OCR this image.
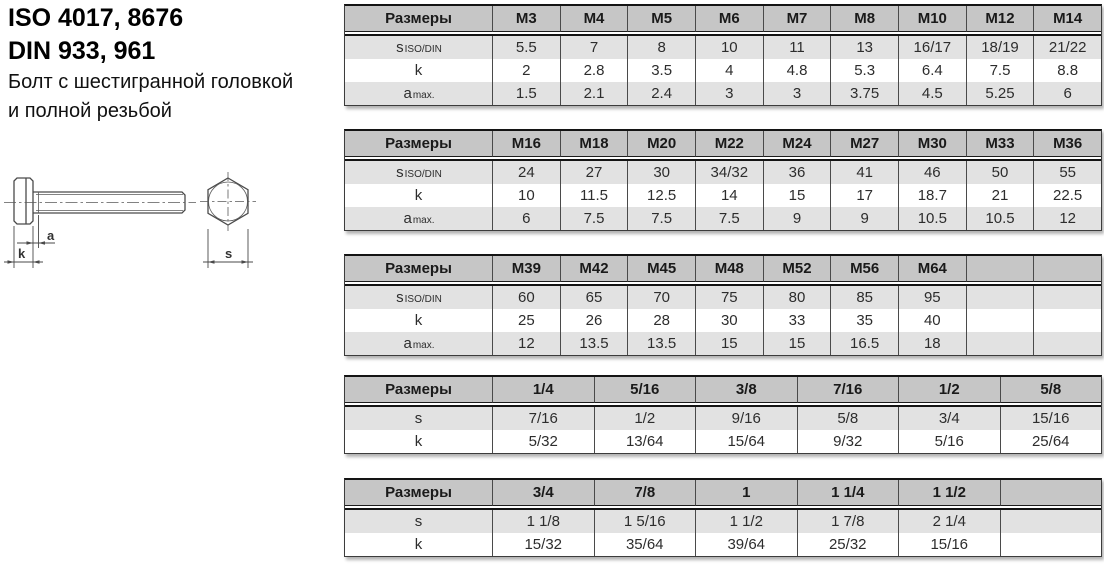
ISO 4017, 8676
DIN 933, 961
Болт с шестигранной головкой
и полной резьбой
a
k	s
Размеры	M3	M4	M5	M6	M7	M8	M10	M12	M14
$s_{ISO/DIN}$	5.5	7	8	10	11	13	16/17	18/19	21/22
k	2	2.8	3.5	4	4.8	5.3	6.4	7.5	8.8
$a_{max.}$	1.5	2.1	2.4	3	3	3.75	4.5	5.25	6
Размеры	M16	M18	M20	M22	M24	M27	M30	M33	M36
$s_{ISO/DIN}$	24	27	30	34/32	36	41	46	50	55
k	10	11.5	12.5	14	15	17	18.7	21	22.5
$a_{max.}$	6	7.5	7.5	7.5	9	9	10.5	10.5	12
Размеры	M39	M42	M45	M48	M52	M56	M64
$s_{ISO/DIN}$	60	65	70	75	80	85	95
k	25	26	28	30	33	35	40
$a_{max.}$	12	13.5	13.5	15	15	16.5	18
Размеры	1/4	5/16	3/8	7/16	1/2	5/8
s	7/16	1/2	9/16	5/8	3/4	15/16
k	5/32	13/64	15/64	9/32	5/16	25/64
Размеры	3/4	7/8	1	1 1/4	1 1/2
s	1 1/8	1 5/16	1 1/2	1 7/8	2 1/4
k	15/32	35/64	39/64	25/32	15/16
